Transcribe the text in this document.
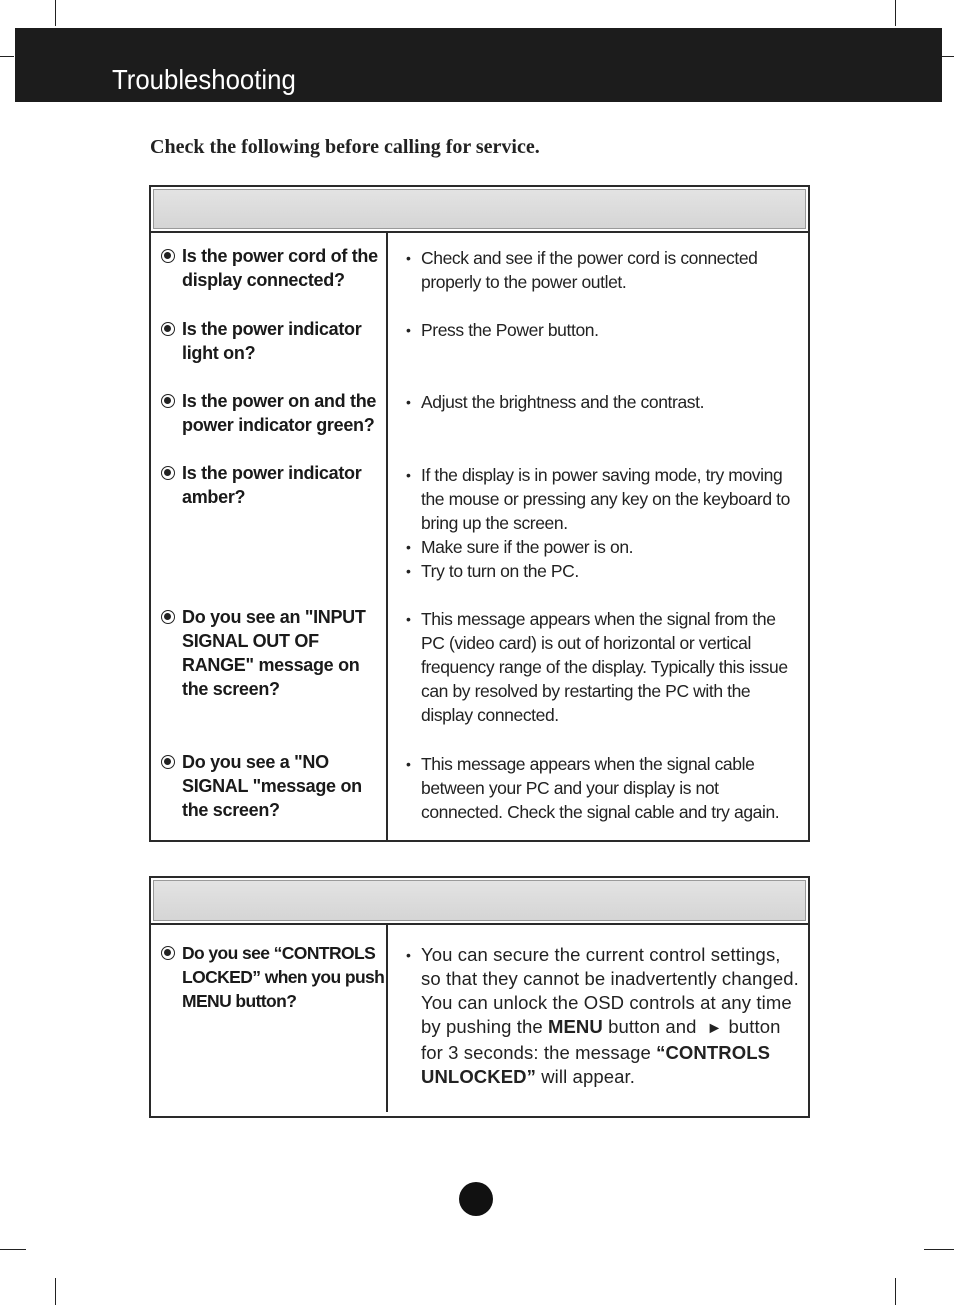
Troubleshooting
Check the following before calling for service.
Is the power cord of the display connected?
• Check and see if the power cord is connected properly to the power outlet.
Is the power indicator light on?
• Press the Power button.
Is the power on and the power indicator green?
• Adjust the brightness and the contrast.
Is the power indicator amber?
• If the display is in power saving mode, try moving the mouse or pressing any key on the keyboard to bring up the screen.
• Make sure if the power is on.
• Try to turn on the PC.
Do you see an "INPUT SIGNAL OUT OF RANGE" message on the screen?
• This message appears when the signal from the PC (video card) is out of horizontal or vertical frequency range of the display. Typically this issue can by resolved by restarting the PC with the display connected.
Do you see a "NO SIGNAL "message on the screen?
• This message appears when the signal cable between your PC and your display is not connected. Check the signal cable and try again.
Do you see “CONTROLS LOCKED” when you push MENU button?
• You can secure the current control settings, so that they cannot be inadvertently changed. You can unlock the OSD controls at any time by pushing the MENU button and ► button for 3 seconds: the message “CONTROLS UNLOCKED” will appear.
